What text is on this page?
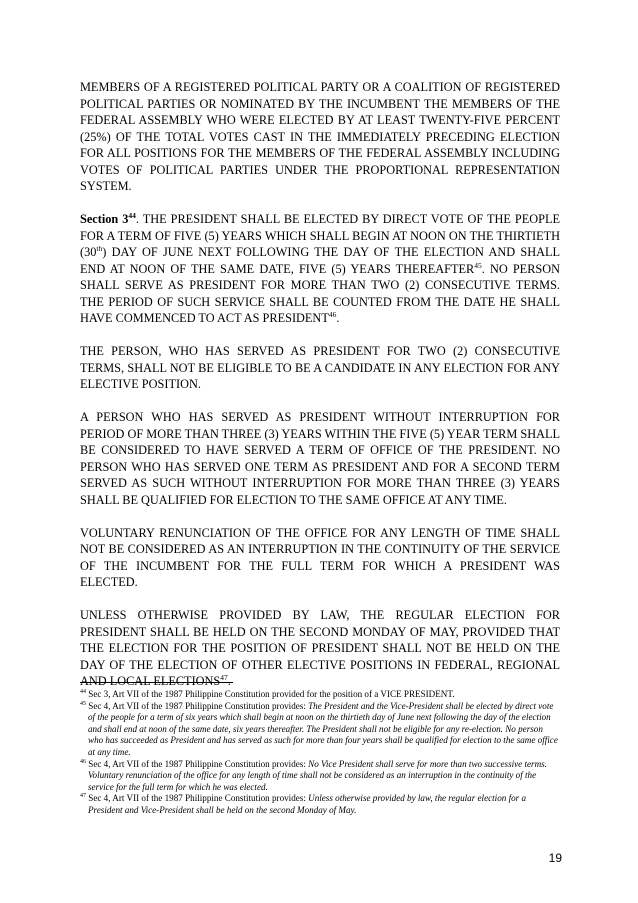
MEMBERS OF A REGISTERED POLITICAL PARTY OR A COALITION OF REGISTERED POLITICAL PARTIES OR NOMINATED BY THE INCUMBENT THE MEMBERS OF THE FEDERAL ASSEMBLY WHO WERE ELECTED BY AT LEAST TWENTY-FIVE PERCENT (25%) OF THE TOTAL VOTES CAST IN THE IMMEDIATELY PRECEDING ELECTION FOR ALL POSITIONS FOR THE MEMBERS OF THE FEDERAL ASSEMBLY INCLUDING VOTES OF POLITICAL PARTIES UNDER THE PROPORTIONAL REPRESENTATION SYSTEM.

Section $3^{44}$. THE PRESIDENT SHALL BE ELECTED BY DIRECT VOTE OF THE PEOPLE FOR A TERM OF FIVE (5) YEARS WHICH SHALL BEGIN AT NOON ON THE THIRTIETH (30th) DAY OF JUNE NEXT FOLLOWING THE DAY OF THE ELECTION AND SHALL END AT NOON OF THE SAME DATE, FIVE (5) YEARS THEREAFTER$^{45}$. NO PERSON SHALL SERVE AS PRESIDENT FOR MORE THAN TWO (2) CONSECUTIVE TERMS. THE PERIOD OF SUCH SERVICE SHALL BE COUNTED FROM THE DATE HE SHALL HAVE COMMENCED TO ACT AS PRESIDENT$^{46}$.

THE PERSON, WHO HAS SERVED AS PRESIDENT FOR TWO (2) CONSECUTIVE TERMS, SHALL NOT BE ELIGIBLE TO BE A CANDIDATE IN ANY ELECTION FOR ANY ELECTIVE POSITION.

A PERSON WHO HAS SERVED AS PRESIDENT WITHOUT INTERRUPTION FOR PERIOD OF MORE THAN THREE (3) YEARS WITHIN THE FIVE (5) YEAR TERM SHALL BE CONSIDERED TO HAVE SERVED A TERM OF OFFICE OF THE PRESIDENT. NO PERSON WHO HAS SERVED ONE TERM AS PRESIDENT AND FOR A SECOND TERM SERVED AS SUCH WITHOUT INTERRUPTION FOR MORE THAN THREE (3) YEARS SHALL BE QUALIFIED FOR ELECTION TO THE SAME OFFICE AT ANY TIME.

VOLUNTARY RENUNCIATION OF THE OFFICE FOR ANY LENGTH OF TIME SHALL NOT BE CONSIDERED AS AN INTERRUPTION IN THE CONTINUITY OF THE SERVICE OF THE INCUMBENT FOR THE FULL TERM FOR WHICH A PRESIDENT WAS ELECTED.

UNLESS OTHERWISE PROVIDED BY LAW, THE REGULAR ELECTION FOR PRESIDENT SHALL BE HELD ON THE SECOND MONDAY OF MAY, PROVIDED THAT THE ELECTION FOR THE POSITION OF PRESIDENT SHALL NOT BE HELD ON THE DAY OF THE ELECTION OF OTHER ELECTIVE POSITIONS IN FEDERAL, REGIONAL AND LOCAL ELECTIONS$^{47}$.

$^{44}$ Sec 3, Art VII of the 1987 Philippine Constitution provided for the position of a VICE PRESIDENT.

$^{45}$ Sec 4, Art VII of the 1987 Philippine Constitution provides: The President and the Vice-President shall be elected by direct vote of the people for a term of six years which shall begin at noon on the thirtieth day of June next following the day of the election and shall end at noon of the same date, six years thereafter. The President shall not be eligible for any re-election. No person who has succeeded as President and has served as such for more than four years shall be qualified for election to the same office at any time.

$^{46}$ Sec 4, Art VII of the 1987 Philippine Constitution provides: No Vice President shall serve for more than two successive terms. Voluntary renunciation of the office for any length of time shall not be considered as an interruption in the continuity of the service for the full term for which he was elected.

$^{47}$ Sec 4, Art VII of the 1987 Philippine Constitution provides: Unless otherwise provided by law, the regular election for a President and Vice-President shall be held on the second Monday of May.

19
